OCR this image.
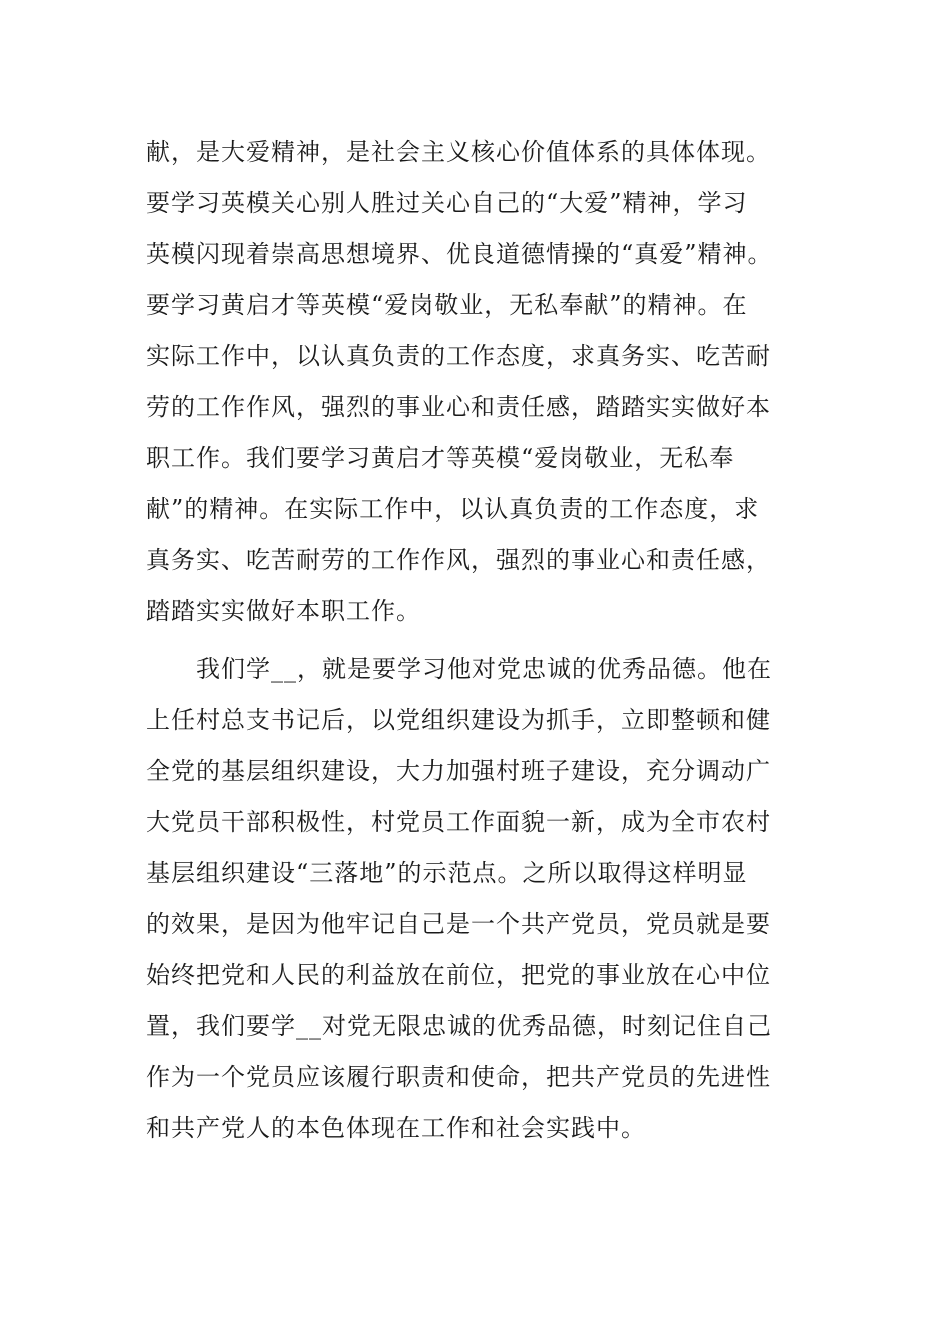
献，是大爱精神，是社会主义核心价值体系的具体体现。
要学习英模关心别人胜过关心自己的“大爱”精神，学习
英模闪现着崇高思想境界、优良道德情操的“真爱”精神。
要学习黄启才等英模“爱岗敬业，无私奉献”的精神。在
实际工作中，以认真负责的工作态度，求真务实、吃苦耐
劳的工作作风，强烈的事业心和责任感，踏踏实实做好本
职工作。我们要学习黄启才等英模“爱岗敬业，无私奉
献”的精神。在实际工作中，以认真负责的工作态度，求
真务实、吃苦耐劳的工作作风，强烈的事业心和责任感，
踏踏实实做好本职工作。
我们学__，就是要学习他对党忠诚的优秀品德。他在
上任村总支书记后，以党组织建设为抓手，立即整顿和健
全党的基层组织建设，大力加强村班子建设，充分调动广
大党员干部积极性，村党员工作面貌一新，成为全市农村
基层组织建设“三落地”的示范点。之所以取得这样明显
的效果，是因为他牢记自己是一个共产党员，党员就是要
始终把党和人民的利益放在前位，把党的事业放在心中位
置，我们要学__对党无限忠诚的优秀品德，时刻记住自己
作为一个党员应该履行职责和使命，把共产党员的先进性
和共产党人的本色体现在工作和社会实践中。
